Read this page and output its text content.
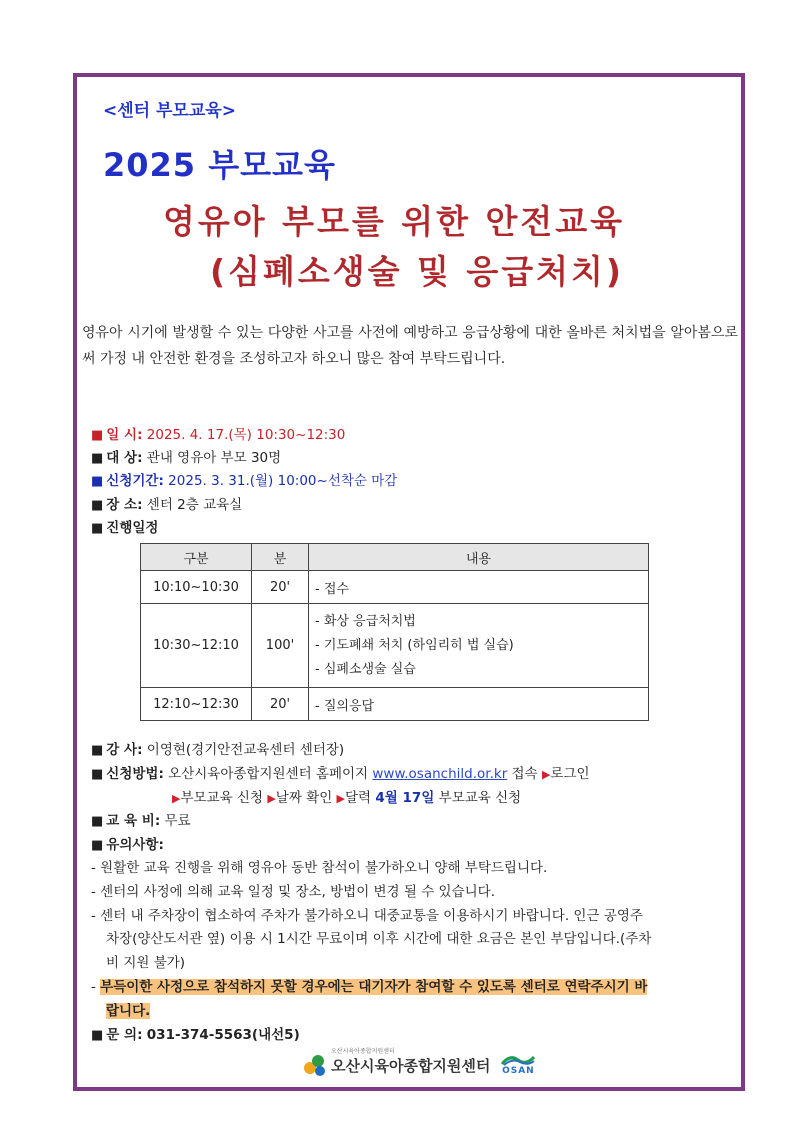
<센터 부모교육>
2025 부모교육
영유아 부모를 위한 안전교육
(심폐소생술 및 응급처치)
영유아 시기에 발생할 수 있는 다양한 사고를 사전에 예방하고 응급상황에 대한 올바른 처치법을 알아봄으로써 가정 내 안전한 환경을 조성하고자 하오니 많은 참여 부탁드립니다.
■ 일 시: 2025. 4. 17.(목) 10:30~12:30
■ 대 상: 관내 영유아 부모 30명
■ 신청기간: 2025. 3. 31.(월) 10:00~선착순 마감
■ 장 소: 센터 2층 교육실
■ 진행일정
구분	분	내용
10:10~10:30	20'	- 접수
10:30~12:10	100'	- 화상 응급처치법
- 기도폐쇄 처치 (하임리히 법 실습)
- 심폐소생술 실습

12:10~12:30	20'	- 질의응답
■ 강 사: 이영현(경기안전교육센터 센터장)
■ 신청방법: 오산시육아종합지원센터 홈페이지 www.osanchild.or.kr 접속 ▶로그인
▶부모교육 신청 ▶날짜 확인 ▶달력 4월 17일 부모교육 신청
■ 교 육 비: 무료
■ 유의사항:
- 원활한 교육 진행을 위해 영유아 동반 참석이 불가하오니 양해 부탁드립니다.
- 센터의 사정에 의해 교육 일정 및 장소, 방법이 변경 될 수 있습니다.
- 센터 내 주차장이 협소하여 주차가 불가하오니 대중교통을 이용하시기 바랍니다. 인근 공영주
차장(양산도서관 옆) 이용 시 1시간 무료이며 이후 시간에 대한 요금은 본인 부담입니다.(주차
비 지원 불가)
- 부득이한 사정으로 참석하지 못할 경우에는 대기자가 참여할 수 있도록 센터로 연락주시기 바
랍니다.
■ 문 의: 031-374-5563(내선5)
오산시육아종합지원센터
오산시육아종합지원센터 OSAN
